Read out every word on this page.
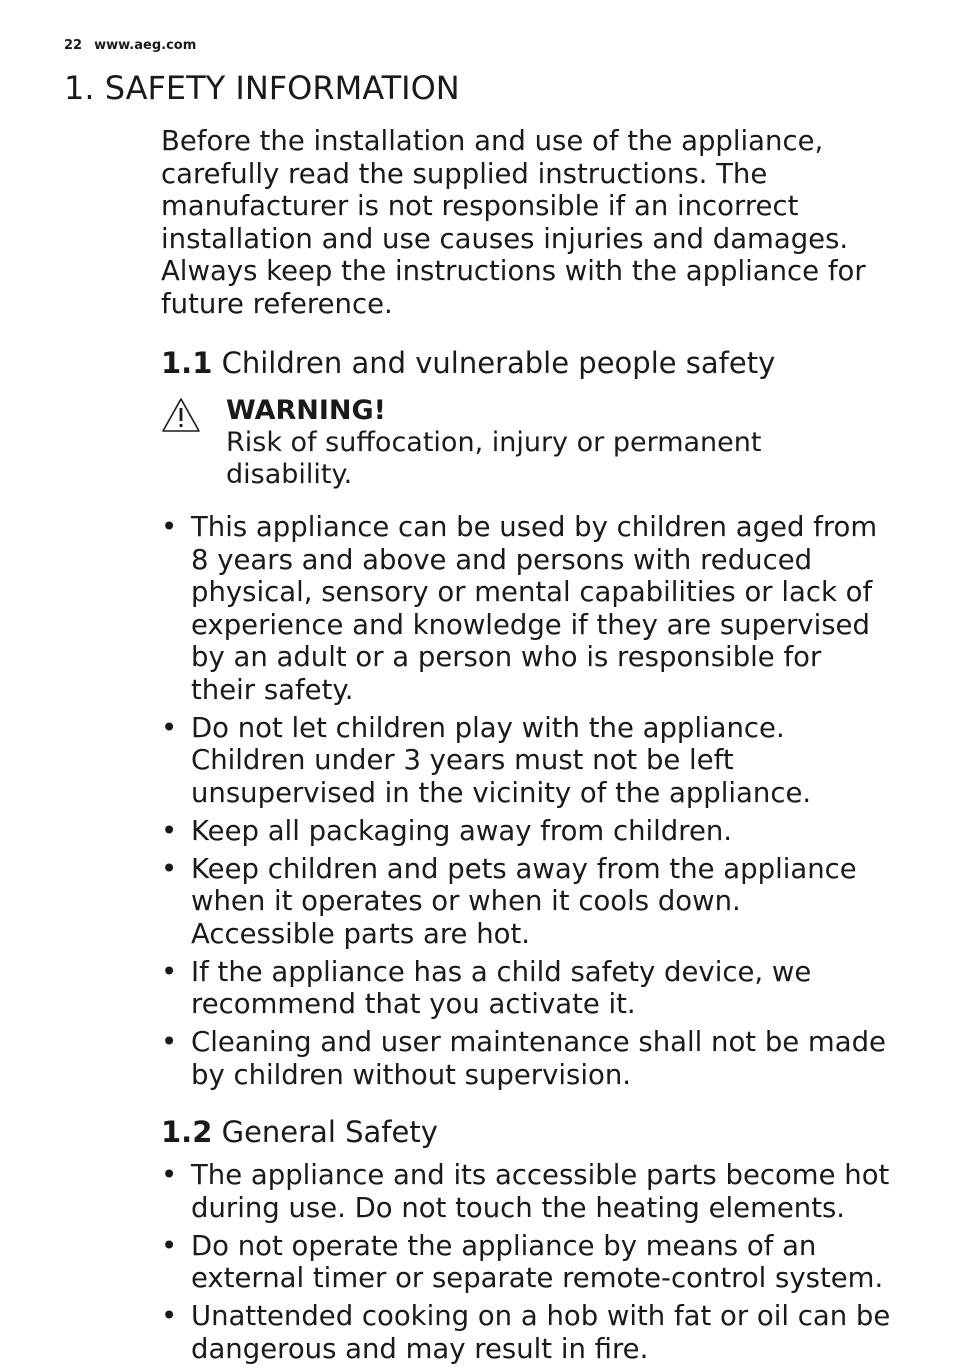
22 www.aeg.com
1. SAFETY INFORMATION

Before the installation and use of the appliance, carefully read the supplied instructions. The manufacturer is not responsible if an incorrect installation and use causes injuries and damages. Always keep the instructions with the appliance for future reference.

1.1 Children and vulnerable people safety
WARNING!
Risk of suffocation, injury or permanent disability.
• This appliance can be used by children aged from 8 years and above and persons with reduced physical, sensory or mental capabilities or lack of experience and knowledge if they are supervised by an adult or a person who is responsible for their safety.
• Do not let children play with the appliance. Children under 3 years must not be left unsupervised in the vicinity of the appliance.
• Keep all packaging away from children.
• Keep children and pets away from the appliance when it operates or when it cools down. Accessible parts are hot.
• If the appliance has a child safety device, we recommend that you activate it.
• Cleaning and user maintenance shall not be made by children without supervision.
1.2 General Safety
• The appliance and its accessible parts become hot during use. Do not touch the heating elements.
• Do not operate the appliance by means of an external timer or separate remote-control system.
• Unattended cooking on a hob with fat or oil can be dangerous and may result in fire.
